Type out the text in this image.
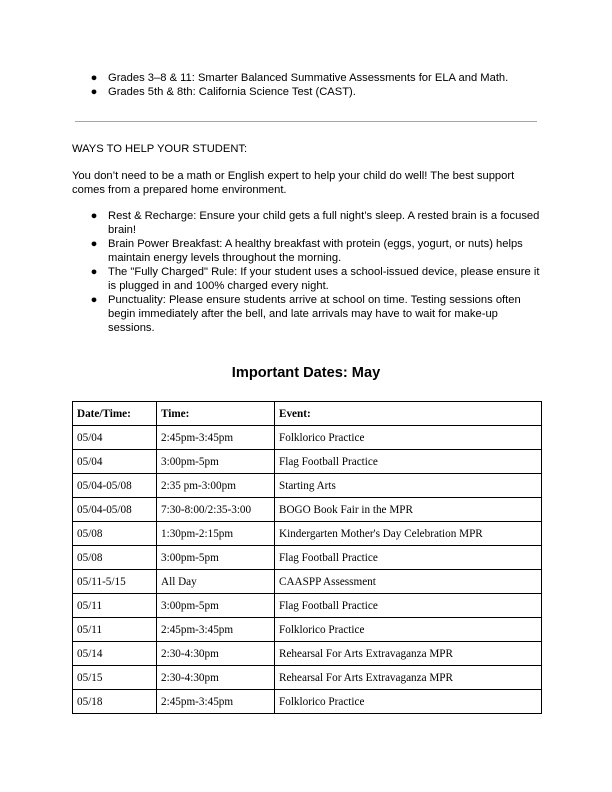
● Grades 3–8 & 11: Smarter Balanced Summative Assessments for ELA and Math.
● Grades 5th & 8th: California Science Test (CAST).
WAYS TO HELP YOUR STUDENT:
You don’t need to be a math or English expert to help your child do well! The best support comes from a prepared home environment.
● Rest & Recharge: Ensure your child gets a full night’s sleep. A rested brain is a focused brain!
● Brain Power Breakfast: A healthy breakfast with protein (eggs, yogurt, or nuts) helps maintain energy levels throughout the morning.
● The "Fully Charged" Rule: If your student uses a school-issued device, please ensure it is plugged in and 100% charged every night.
● Punctuality: Please ensure students arrive at school on time. Testing sessions often begin immediately after the bell, and late arrivals may have to wait for make-up sessions.
Important Dates: May
Date/Time:	Time:	Event:
05/04	2:45pm-3:45pm	Folklorico Practice
05/04	3:00pm-5pm	Flag Football Practice
05/04-05/08	2:35 pm-3:00pm	Starting Arts
05/04-05/08	7:30-8:00/2:35-3:00	BOGO Book Fair in the MPR
05/08	1:30pm-2:15pm	Kindergarten Mother's Day Celebration MPR
05/08	3:00pm-5pm	Flag Football Practice
05/11-5/15	All Day	CAASPP Assessment
05/11	3:00pm-5pm	Flag Football Practice
05/11	2:45pm-3:45pm	Folklorico Practice
05/14	2:30-4:30pm	Rehearsal For Arts Extravaganza MPR
05/15	2:30-4:30pm	Rehearsal For Arts Extravaganza MPR
05/18	2:45pm-3:45pm	Folklorico Practice
